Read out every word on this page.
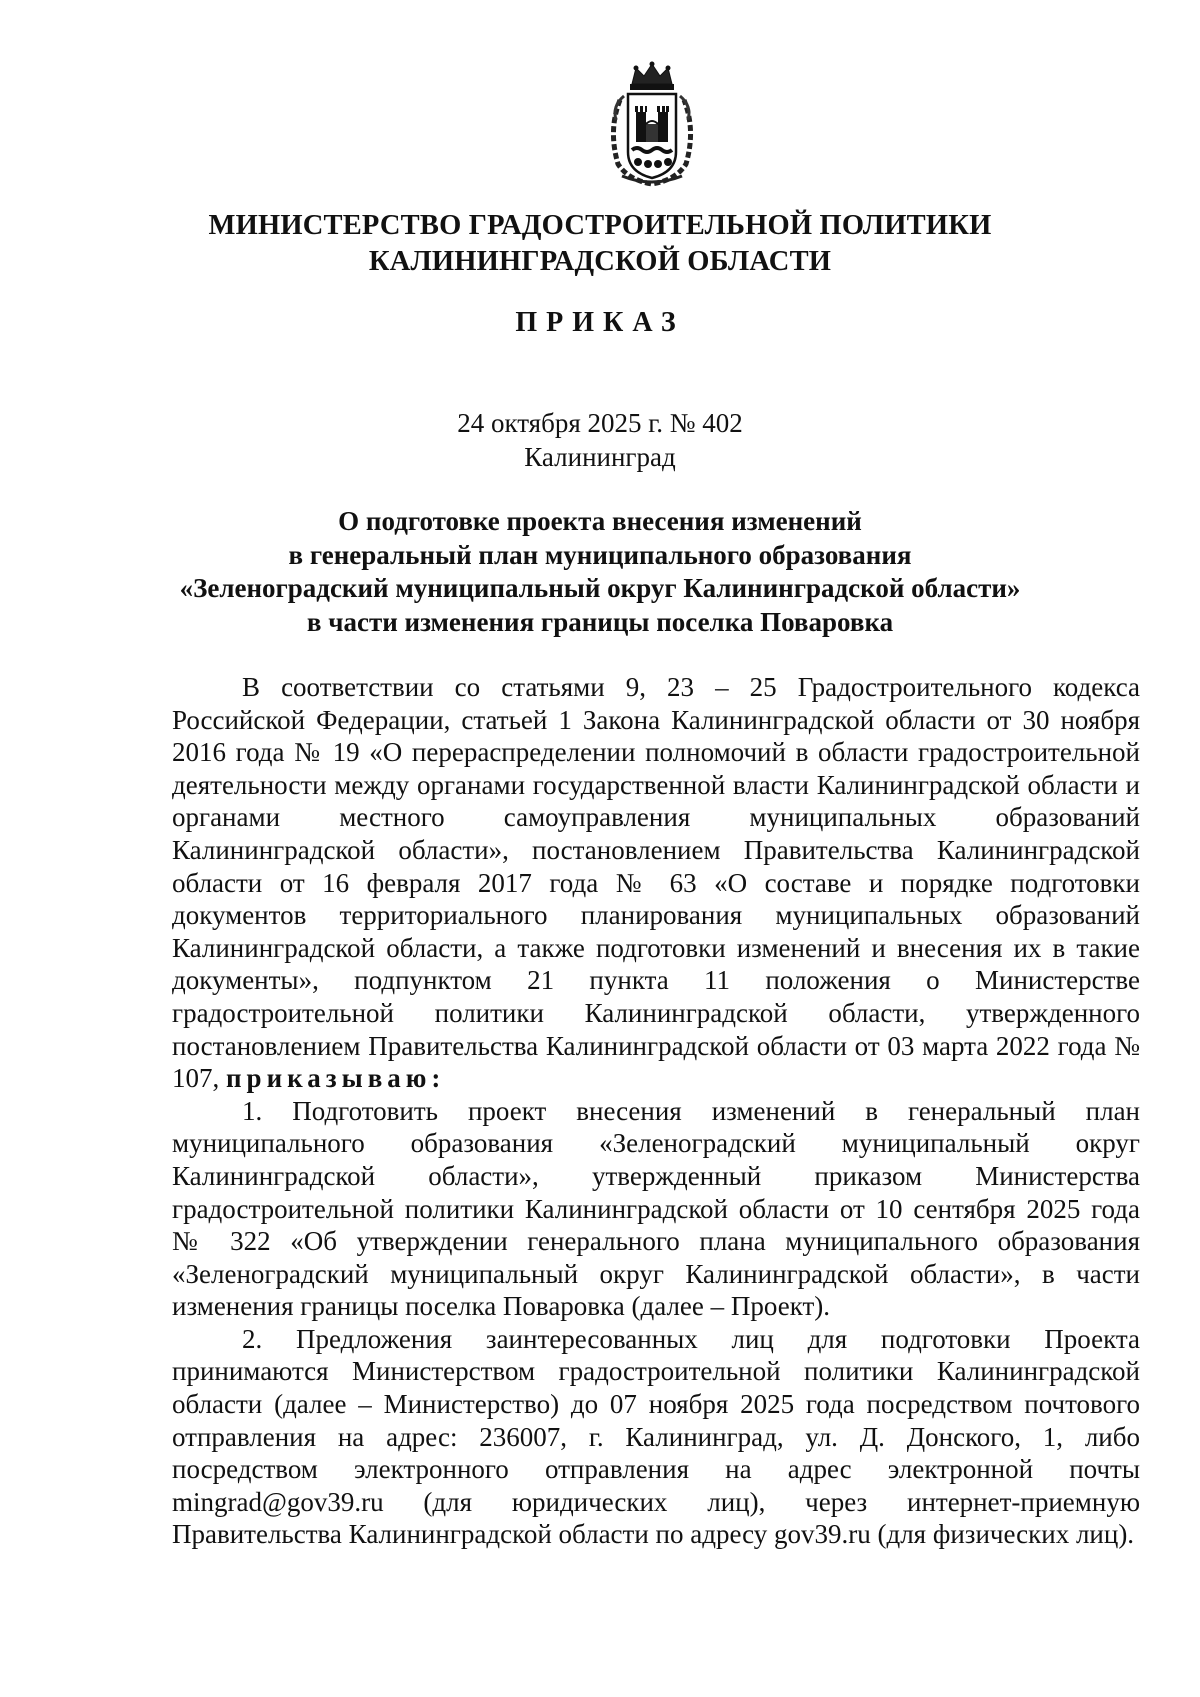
МИНИСТЕРСТВО ГРАДОСТРОИТЕЛЬНОЙ ПОЛИТИКИ
КАЛИНИНГРАДСКОЙ ОБЛАСТИ
ПРИКАЗ
24 октября 2025 г. № 402
Калининград
О подготовке проекта внесения изменений
в генеральный план муниципального образования
«Зеленоградский муниципальный округ Калининградской области»
в части изменения границы поселка Поваровка

В соответствии со статьями 9, 23 – 25 Градостроительного кодекса Российской Федерации, статьей 1 Закона Калининградской области от 30 ноября 2016 года № 19 «О перераспределении полномочий в области градостроительной деятельности между органами государственной власти Калининградской области и органами местного самоуправления муниципальных образований Калининградской области», постановлением Правительства Калининградской области от 16 февраля 2017 года № 63 «О составе и порядке подготовки документов территориального планирования муниципальных образований Калининградской области, а также подготовки изменений и внесения их в такие документы», подпунктом 21 пункта 11 положения о Министерстве градостроительной политики Калининградской области, утвержденного постановлением Правительства Калининградской области от 03 марта 2022 года № 107, приказываю:

1. Подготовить проект внесения изменений в генеральный план муниципального образования «Зеленоградский муниципальный округ Калининградской области», утвержденный приказом Министерства градостроительной политики Калининградской области от 10 сентября 2025 года № 322 «Об утверждении генерального плана муниципального образования «Зеленоградский муниципальный округ Калининградской области», в части изменения границы поселка Поваровка (далее – Проект).

2. Предложения заинтересованных лиц для подготовки Проекта принимаются Министерством градостроительной политики Калининградской области (далее – Министерство) до 07 ноября 2025 года посредством почтового отправления на адрес: 236007, г. Калининград, ул. Д. Донского, 1, либо посредством электронного отправления на адрес электронной почты mingrad@gov39.ru (для юридических лиц), через интернет-приемную Правительства Калининградской области по адресу gov39.ru (для физических лиц).
